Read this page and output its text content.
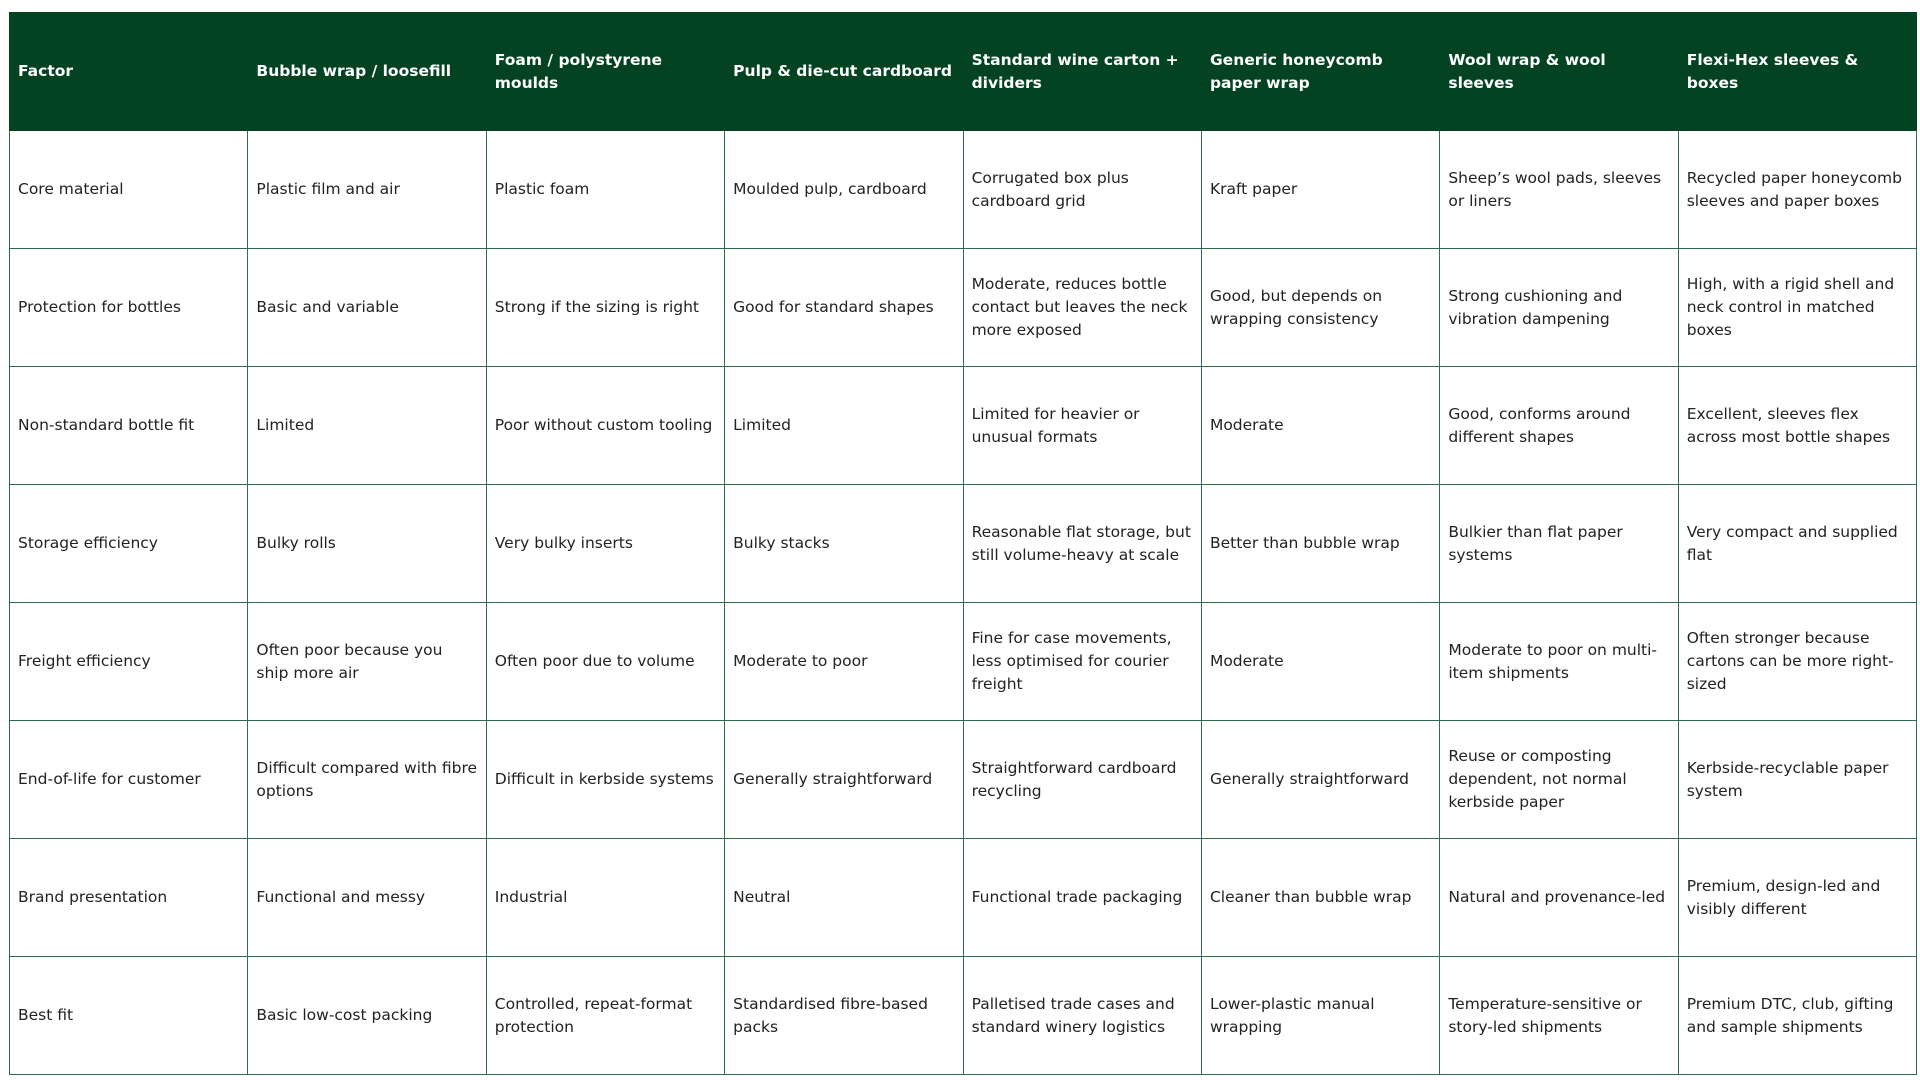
Factor	Bubble wrap / loosefill	Foam / polystyrene moulds	Pulp & die-cut cardboard	Standard wine carton + dividers	Generic honeycomb paper wrap	Wool wrap & wool sleeves	Flexi-Hex sleeves & boxes
Core material	Plastic film and air	Plastic foam	Moulded pulp, cardboard	Corrugated box plus cardboard grid	Kraft paper	Sheep’s wool pads, sleeves or liners	Recycled paper honeycomb sleeves and paper boxes
Protection for bottles	Basic and variable	Strong if the sizing is right	Good for standard shapes	Moderate, reduces bottle contact but leaves the neck more exposed	Good, but depends on wrapping consistency	Strong cushioning and vibration dampening	High, with a rigid shell and neck control in matched boxes
Non-standard bottle fit	Limited	Poor without custom tooling	Limited	Limited for heavier or unusual formats	Moderate	Good, conforms around different shapes	Excellent, sleeves flex across most bottle shapes
Storage efficiency	Bulky rolls	Very bulky inserts	Bulky stacks	Reasonable flat storage, but still volume-heavy at scale	Better than bubble wrap	Bulkier than flat paper systems	Very compact and supplied flat
Freight efficiency	Often poor because you ship more air	Often poor due to volume	Moderate to poor	Fine for case movements, less optimised for courier freight	Moderate	Moderate to poor on multi-item shipments	Often stronger because cartons can be more right-sized
End-of-life for customer	Difficult compared with fibre options	Difficult in kerbside systems	Generally straightforward	Straightforward cardboard recycling	Generally straightforward	Reuse or composting dependent, not normal kerbside paper	Kerbside-recyclable paper system
Brand presentation	Functional and messy	Industrial	Neutral	Functional trade packaging	Cleaner than bubble wrap	Natural and provenance-led	Premium, design-led and visibly different
Best fit	Basic low-cost packing	Controlled, repeat-format protection	Standardised fibre-based packs	Palletised trade cases and standard winery logistics	Lower-plastic manual wrapping	Temperature-sensitive or story-led shipments	Premium DTC, club, gifting and sample shipments
